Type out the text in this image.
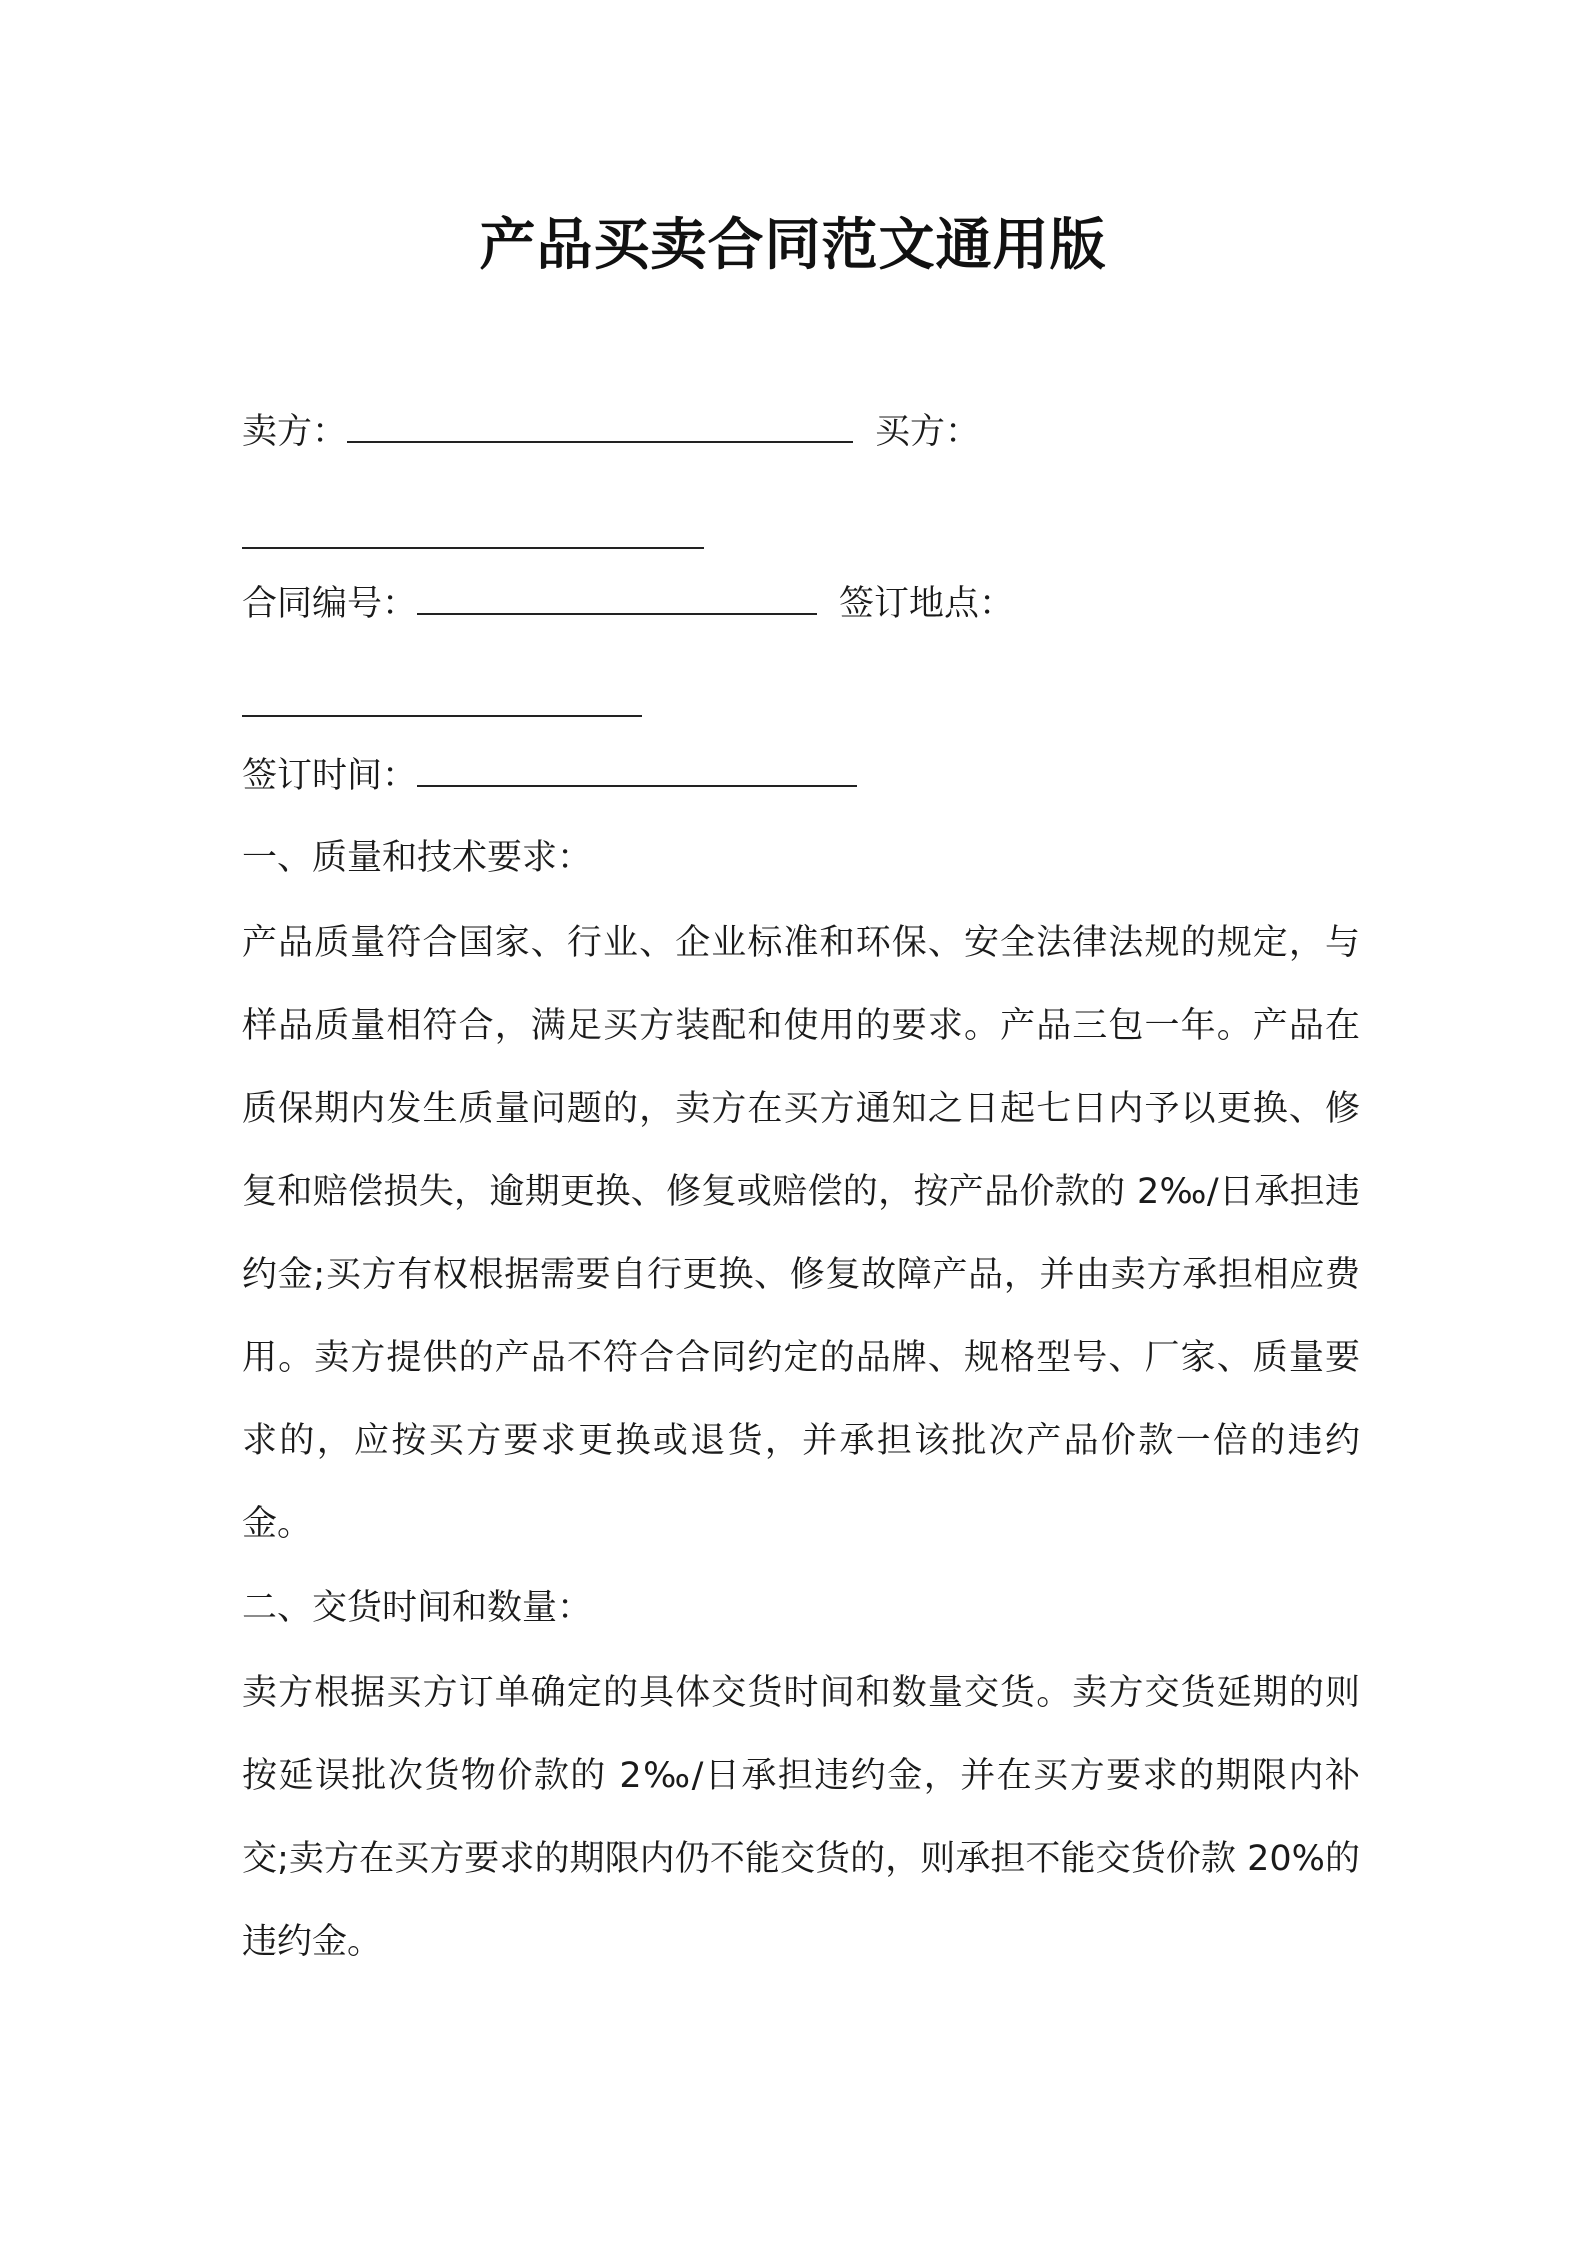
产品买卖合同范文通用版
卖方：	买方：
合同编号：	签订地点：
签订时间：
一、质量和技术要求：

产品质量符合国家、行业、企业标准和环保、安全法律法规的规定，与样品质量相符合，满足买方装配和使用的要求。产品三包一年。产品在质保期内发生质量问题的，卖方在买方通知之日起七日内予以更换、修复和赔偿损失，逾期更换、修复或赔偿的，按产品价款的 2‰/日承担违约金;买方有权根据需要自行更换、修复故障产品，并由卖方承担相应费用。卖方提供的产品不符合合同约定的品牌、规格型号、厂家、质量要求的，应按买方要求更换或退货，并承担该批次产品价款一倍的违约金。

二、交货时间和数量：

卖方根据买方订单确定的具体交货时间和数量交货。卖方交货延期的则按延误批次货物价款的 2‰/日承担违约金，并在买方要求的期限内补交;卖方在买方要求的期限内仍不能交货的，则承担不能交货价款 20%的违约金。
